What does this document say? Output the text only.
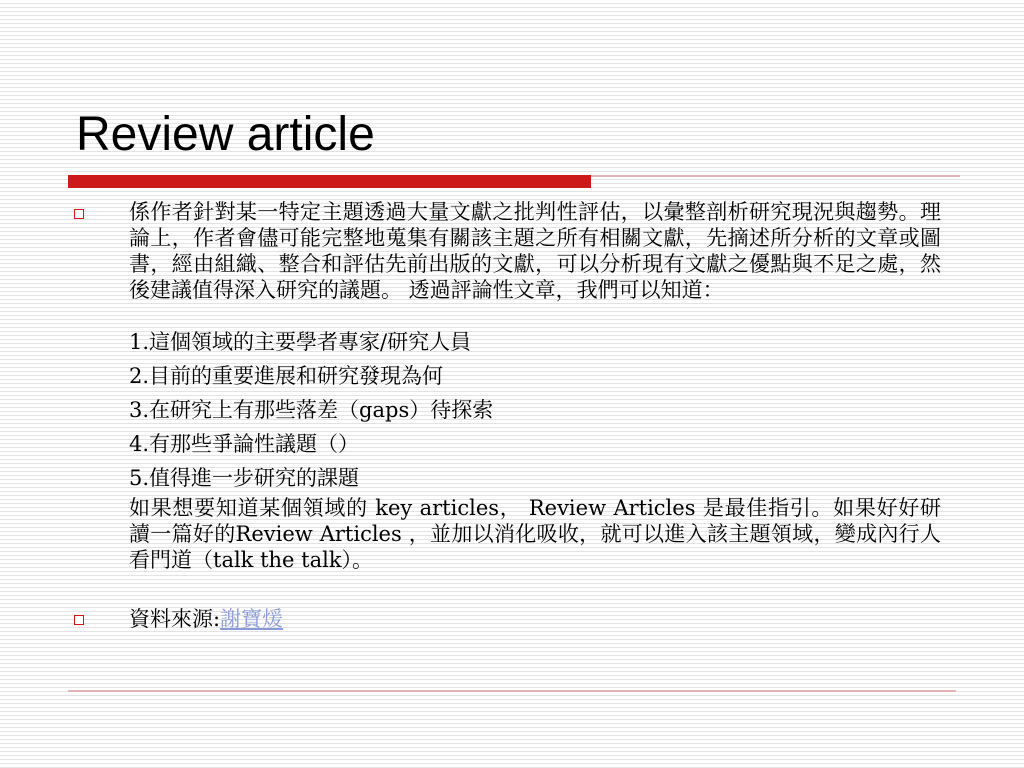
Review article

係作者針對某一特定主題透過大量文獻之批判性評估，以彙整剖析研究現況與趨勢。理論上，作者會儘可能完整地蒐集有關該主題之所有相關文獻，先摘述所分析的文章或圖書，經由組織、整合和評估先前出版的文獻，可以分析現有文獻之優點與不足之處，然後建議值得深入研究的議題。 透過評論性文章，我們可以知道：

1.這個領域的主要學者專家/研究人員
2.目前的重要進展和研究發現為何
3.在研究上有那些落差（gaps）待探索
4.有那些爭論性議題（）
5.值得進一步研究的課題

如果想要知道某個領域的 key articles， Review Articles 是最佳指引。如果好好研讀一篇好的Review Articles ，並加以消化吸收，就可以進入該主題領域，變成內行人看門道（talk the talk）。

資料來源:謝寶煖
